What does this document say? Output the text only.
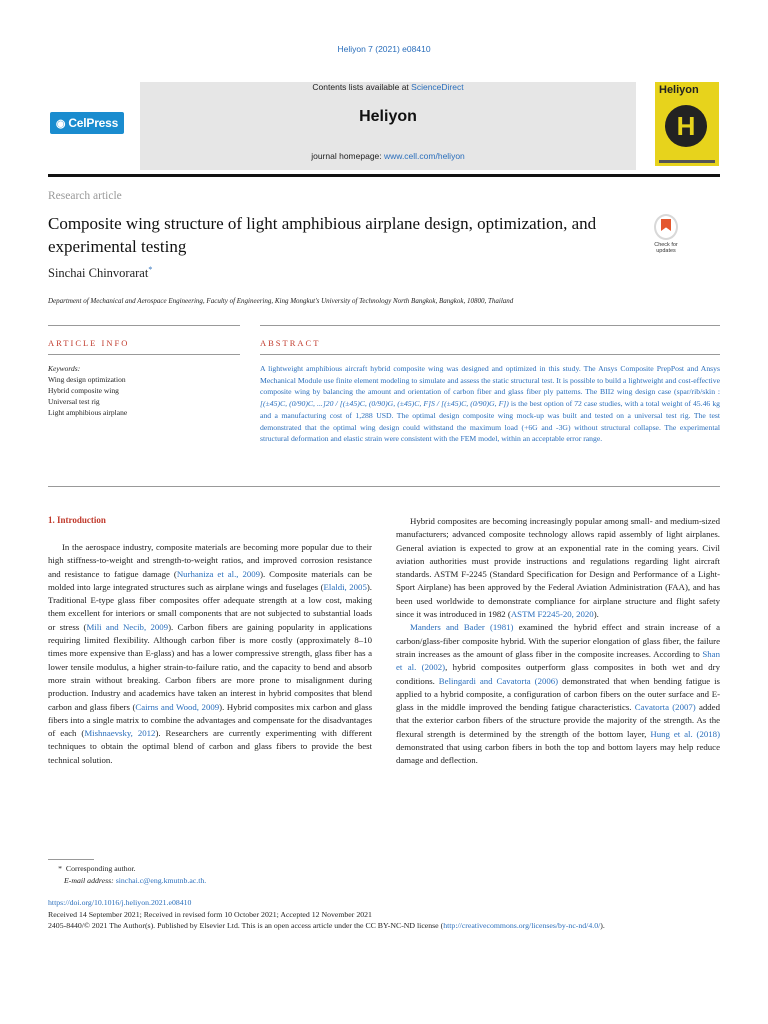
Heliyon 7 (2021) e08410
◉ CelPress
Contents lists available at ScienceDirect
Heliyon
journal homepage: www.cell.com/heliyon
Heliyon
H
Research article
Composite wing structure of light amphibious airplane design, optimization, and experimental testing	Check for updates
Sinchai Chinvorarat*
Department of Mechanical and Aerospace Engineering, Faculty of Engineering, King Mongkut's University of Technology North Bangkok, Bangkok, 10800, Thailand
ARTICLE INFO	ABSTRACT
Keywords:
Wing design optimization
Hybrid composite wing
Universal test rig
Light amphibious airplane
A lightweight amphibious aircraft hybrid composite wing was designed and optimized in this study. The Ansys Composite PrepPost and Ansys Mechanical Module use finite element modeling to simulate and assess the static structural test. It is possible to build a lightweight and cost-effective composite wing by balancing the amount and orientation of carbon fiber and glass fiber ply patterns. The BII2 wing design case (spar/rib/skin : [(±45)C, (0/90)C, ...]20 / [(±45)C, (0/90)G, (±45)C, F]S / [(±45)C, (0/90)G, F]) is the best option of 72 case studies, with a total weight of 45.46 kg and a manufacturing cost of 1,288 USD. The optimal design composite wing mock-up was built and tested on a universal test rig. The test demonstrated that the optimal wing design could withstand the maximum load (+6G and -3G) without structural collapse. The experimental structural deformation and elastic strain were consistent with the FEM model, within an acceptable error range.
1. Introduction

In the aerospace industry, composite materials are becoming more popular due to their high stiffness-to-weight and strength-to-weight ratios, and improved corrosion resistance and resistance to fatigue damage (Nurhaniza et al., 2009). Composite materials can be molded into large integrated structures such as airplane wings and fuselages (Elaldi, 2005). Traditional E-type glass fiber composites offer adequate strength at a low cost, making them excellent for interiors or small components that are not subjected to substantial loads or stress (Mili and Necib, 2009). Carbon fibers are gaining popularity in applications requiring limited flexibility. Although carbon fiber is more costly (approximately 8–10 times more expensive than E-glass) and has a lower compressive strength, glass fiber has a lower tensile modulus, a higher strain-to-failure ratio, and the capacity to bend and absorb more strain without breaking. Carbon fibers are more prone to misalignment during production. Industry and academics have taken an interest in hybrid composites that blend carbon and glass fibers (Cairns and Wood, 2009). Hybrid composites mix carbon and glass fibers into a single matrix to combine the advantages and compensate for the disadvantages of each (Mishnaevsky, 2012). Researchers are currently experimenting with different techniques to obtain the optimal blend of carbon and glass fibers to provide the best technical solution.

Hybrid composites are becoming increasingly popular among small- and medium-sized manufacturers; advanced composite technology allows rapid assembly of light airplanes. General aviation is expected to grow at an exponential rate in the coming years. Civil aviation authorities must provide instructions and regulations regarding light aircraft standards. ASTM F-2245 (Standard Specification for Design and Performance of a Light-Sport Airplane) has been approved by the Federal Aviation Administration (FAA), and has been used worldwide to demonstrate compliance for airplane structure and flight safety since it was introduced in 1982 (ASTM F2245-20, 2020).

Manders and Bader (1981) examined the hybrid effect and strain increase of a carbon/glass-fiber composite hybrid. With the superior elongation of glass fiber, the failure strain increases as the amount of glass fiber in the composite increases. According to Shan et al. (2002), hybrid composites outperform glass composites in both wet and dry conditions. Belingardi and Cavatorta (2006) demonstrated that when bending fatigue is applied to a hybrid composite, a configuration of carbon fibers on the outer surface and E-glass in the middle improved the bending fatigue characteristics. Cavatorta (2007) added that the exterior carbon fibers of the structure provide the majority of the strength. As the flexural strength is determined by the strength of the bottom layer, Hung et al. (2018) demonstrated that using carbon fibers in both the top and bottom layers may help reduce damage and deflection.

* Corresponding author.
E-mail address: sinchai.c@eng.kmutnb.ac.th.
https://doi.org/10.1016/j.heliyon.2021.e08410
Received 14 September 2021; Received in revised form 10 October 2021; Accepted 12 November 2021
2405-8440/© 2021 The Author(s). Published by Elsevier Ltd. This is an open access article under the CC BY-NC-ND license (http://creativecommons.org/licenses/by-nc-nd/4.0/).
